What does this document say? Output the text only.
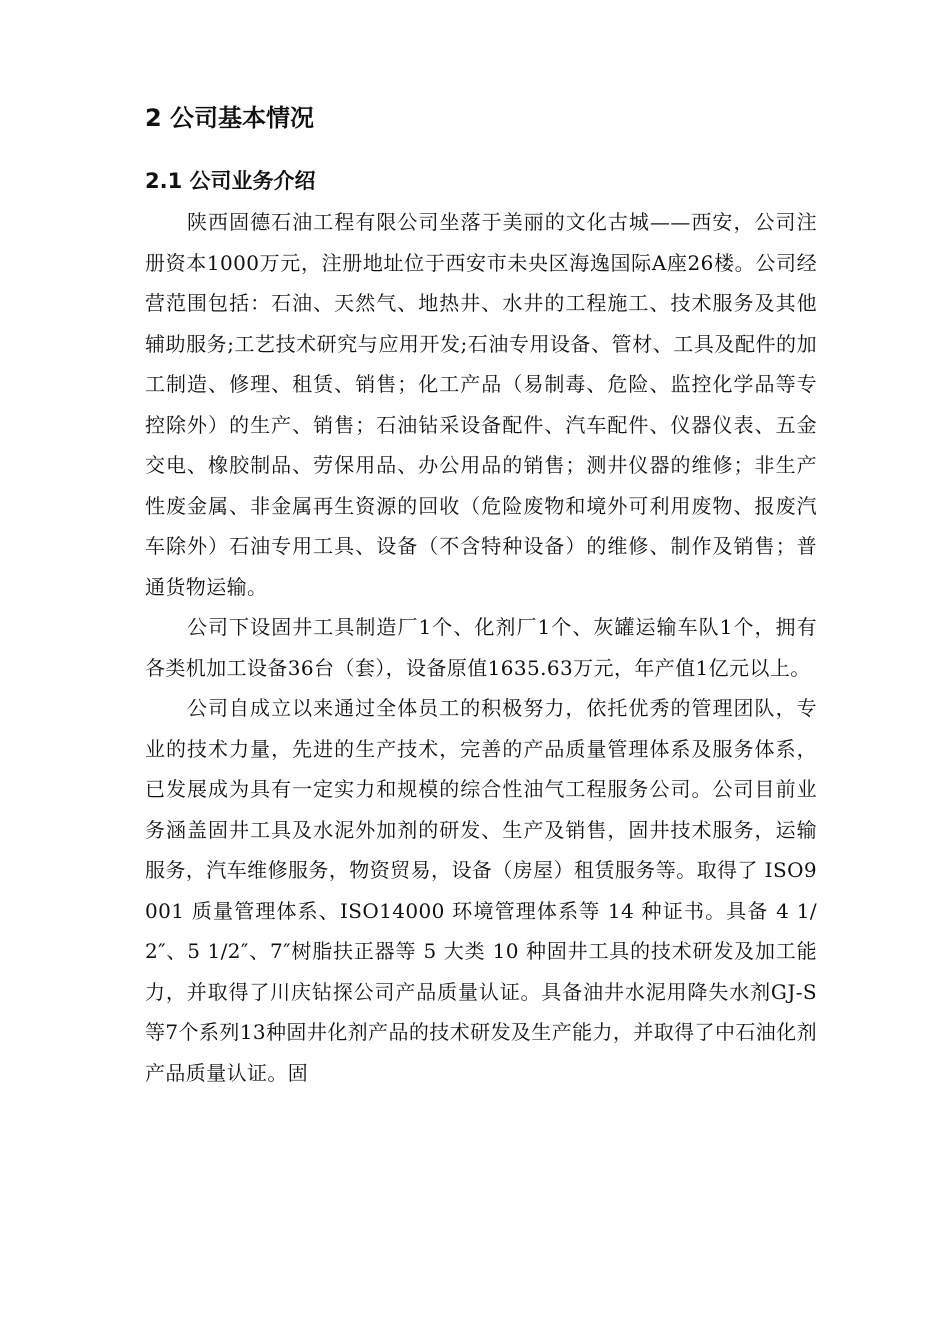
2 公司基本情况
2.1 公司业务介绍

陕西固德石油工程有限公司坐落于美丽的文化古城——西安，公司注册资本1000万元，注册地址位于西安市未央区海逸国际A座26楼。公司经营范围包括：石油、天然气、地热井、水井的工程施工、技术服务及其他辅助服务;工艺技术研究与应用开发;石油专用设备、管材、工具及配件的加工制造、修理、租赁、销售；化工产品（易制毒、危险、监控化学品等专控除外）的生产、销售；石油钻采设备配件、汽车配件、仪器仪表、五金交电、橡胶制品、劳保用品、办公用品的销售；测井仪器的维修；非生产性废金属、非金属再生资源的回收（危险废物和境外可利用废物、报废汽车除外）石油专用工具、设备（不含特种设备）的维修、制作及销售；普通货物运输。

公司下设固井工具制造厂1个、化剂厂1个、灰罐运输车队1个，拥有各类机加工设备36台（套），设备原值1635.63万元，年产值1亿元以上。

公司自成立以来通过全体员工的积极努力，依托优秀的管理团队，专业的技术力量，先进的生产技术，完善的产品质量管理体系及服务体系，已发展成为具有一定实力和规模的综合性油气工程服务公司。公司目前业务涵盖固井工具及水泥外加剂的研发、生产及销售，固井技术服务，运输服务，汽车维修服务，物资贸易，设备（房屋）租赁服务等。取得了 ISO9001 质量管理体系、ISO14000 环境管理体系等 14 种证书。具备 4 1/2″、5 1/2″、7″树脂扶正器等 5 大类 10 种固井工具的技术研发及加工能力，并取得了川庆钻探公司产品质量认证。具备油井水泥用降失水剂GJ-S等7个系列13种固井化剂产品的技术研发及生产能力，并取得了中石油化剂产品质量认证。固
